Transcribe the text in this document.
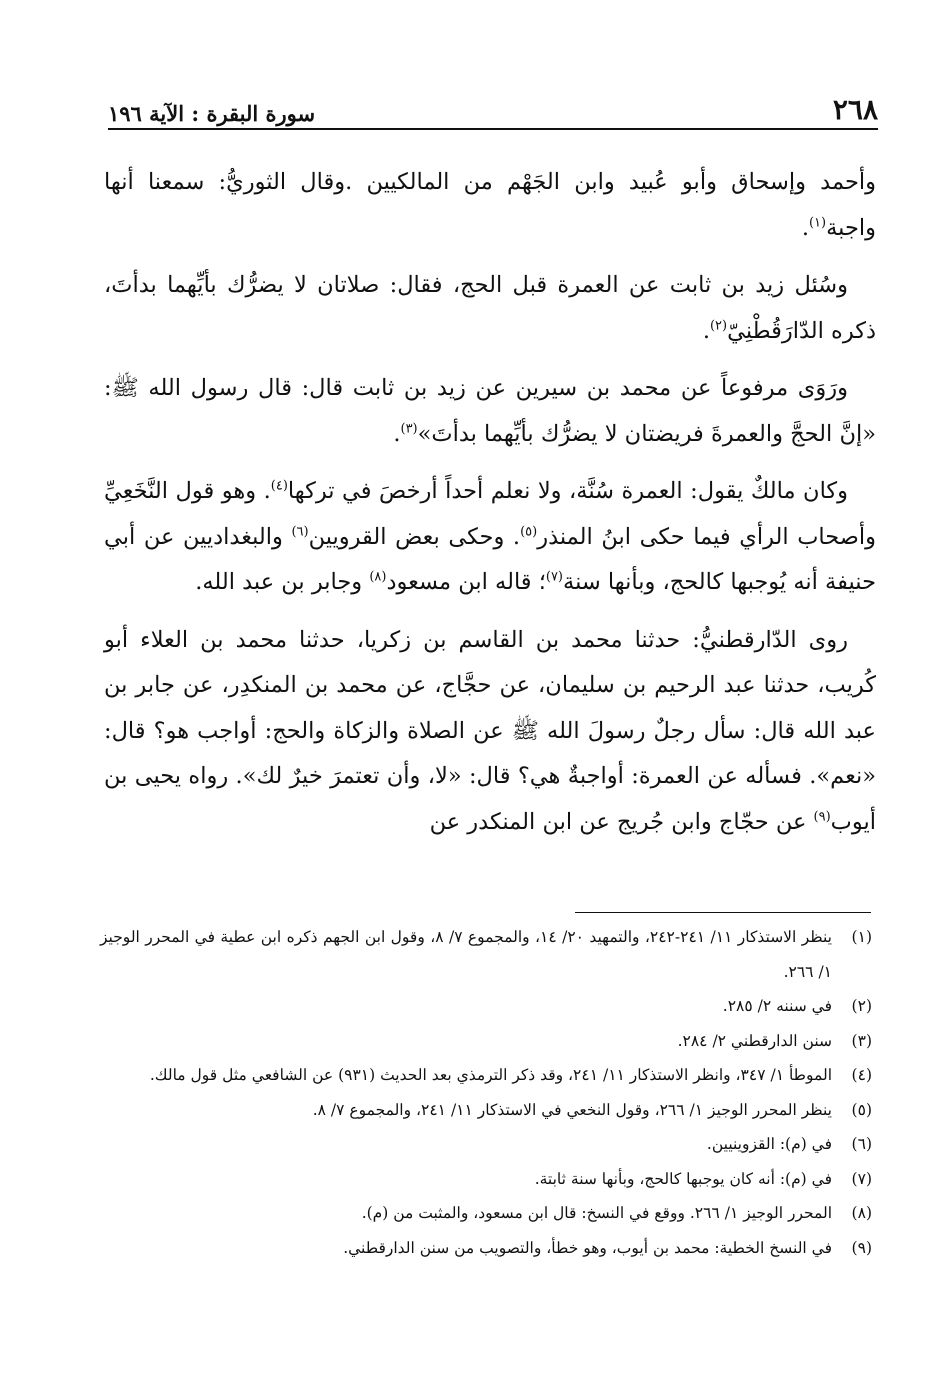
٢٦٨
سورة البقرة : الآية ١٩٦

وأحمد وإسحاق وأبو عُبيد وابن الجَهْم من المالكيين .وقال الثوريُّ: سمعنا أنها واجبة$^{(١)}$.

وسُئل زيد بن ثابت عن العمرة قبل الحج، فقال: صلاتان لا يضرُّك بأيِّهما بدأتَ، ذكره الدّارَقُطْنِيّ$^{(٢)}$.

ورَوَى مرفوعاً عن محمد بن سيرين عن زيد بن ثابت قال: قال رسول الله ﷺ: «إنَّ الحجَّ والعمرةَ فريضتان لا يضرُّك بأيِّهما بدأتَ»$^{(٣)}$.

وكان مالكٌ يقول: العمرة سُنَّة، ولا نعلم أحداً أرخصَ في تركها$^{(٤)}$. وهو قول النَّخَعِيِّ وأصحاب الرأي فيما حكى ابنُ المنذر$^{(٥)}$. وحكى بعض القرويين$^{(٦)}$ والبغداديين عن أبي حنيفة أنه يُوجبها كالحج، وبأنها سنة$^{(٧)}$؛ قاله ابن مسعود$^{(٨)}$ وجابر بن عبد الله.

روى الدّارقطنيُّ: حدثنا محمد بن القاسم بن زكريا، حدثنا محمد بن العلاء أبو كُريب، حدثنا عبد الرحيم بن سليمان، عن حجَّاج، عن محمد بن المنكدِر، عن جابر بن عبد الله قال: سأل رجلٌ رسولَ الله ﷺ عن الصلاة والزكاة والحج: أواجب هو؟ قال: «نعم». فسأله عن العمرة: أواجبةٌ هي؟ قال: «لا، وأن تعتمرَ خيرٌ لك». رواه يحيى بن أيوب$^{(٩)}$ عن حجّاج وابن جُريج عن ابن المنكدر عن

(١)
ينظر الاستذكار ١١/ ٢٤١-٢٤٢، والتمهيد ٢٠/ ١٤، والمجموع ٧/ ٨، وقول ابن الجهم ذكره ابن عطية في المحرر الوجيز ١/ ٢٦٦.
(٢)
في سننه ٢/ ٢٨٥.
(٣)
سنن الدارقطني ٢/ ٢٨٤.
(٤)
الموطأ ١/ ٣٤٧، وانظر الاستذكار ١١/ ٢٤١، وقد ذكر الترمذي بعد الحديث (٩٣١) عن الشافعي مثل قول مالك.
(٥)
ينظر المحرر الوجيز ١/ ٢٦٦، وقول النخعي في الاستذكار ١١/ ٢٤١، والمجموع ٧/ ٨.
(٦)
في (م): القزوينيين.
(٧)
في (م): أنه كان يوجبها كالحج، وبأنها سنة ثابتة.
(٨)
المحرر الوجيز ١/ ٢٦٦. ووقع في النسخ: قال ابن مسعود، والمثبت من (م).
(٩)
في النسخ الخطية: محمد بن أيوب، وهو خطأ، والتصويب من سنن الدارقطني.
